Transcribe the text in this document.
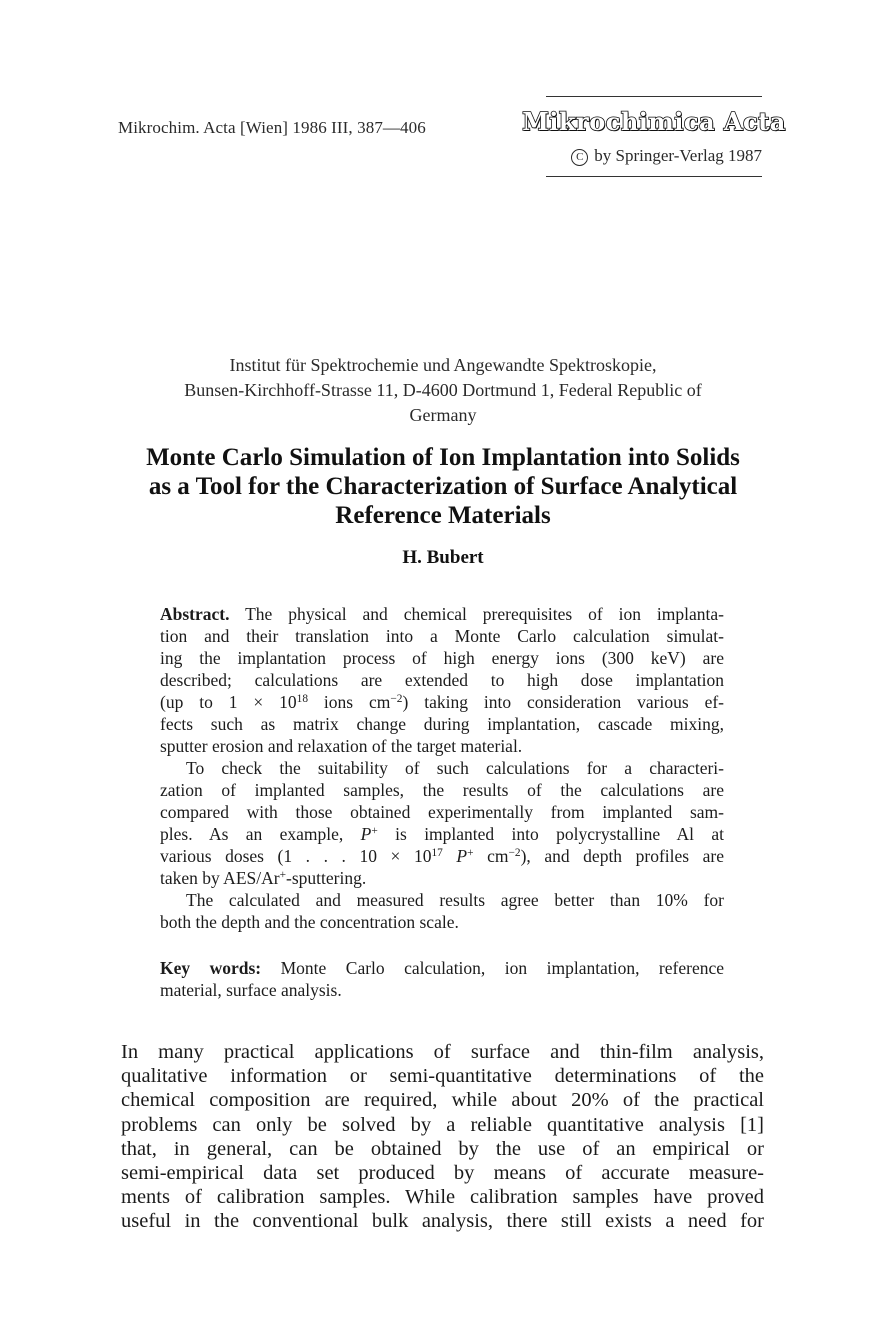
Mikrochim. Acta [Wien] 1986 III, 387—406	Mikrochimica Acta
C by Springer-Verlag 1987
Institut für Spektrochemie und Angewandte Spektroskopie,
Bunsen-Kirchhoff-Strasse 11, D-4600 Dortmund 1, Federal Republic of
Germany
Monte Carlo Simulation of Ion Implantation into Solids
as a Tool for the Characterization of Surface Analytical
Reference Materials
H. Bubert
Abstract. The physical and chemical prerequisites of ion implanta-
tion and their translation into a Monte Carlo calculation simulat-
ing the implantation process of high energy ions (300 keV) are
described; calculations are extended to high dose implantation
(up to $1 \times 10^{18}$ ions $cm^{-2}$) taking into consideration various ef-
fects such as matrix change during implantation, cascade mixing,
sputter erosion and relaxation of the target material.
To check the suitability of such calculations for a characteri-
zation of implanted samples, the results of the calculations are
compared with those obtained experimentally from implanted sam-
ples. As an example, P+ is implanted into polycrystalline Al at
various doses (1 . . . $10 \times 10^{17}$ P+ $cm^{-2}$), and depth profiles are
taken by AES/Ar+-sputtering.
The calculated and measured results agree better than 10% for
both the depth and the concentration scale.
Key words: Monte Carlo calculation, ion implantation, reference
material, surface analysis.
In many practical applications of surface and thin-film analysis,
qualitative information or semi-quantitative determinations of the
chemical composition are required, while about 20% of the practical
problems can only be solved by a reliable quantitative analysis [1]
that, in general, can be obtained by the use of an empirical or
semi-empirical data set produced by means of accurate measure-
ments of calibration samples. While calibration samples have proved
useful in the conventional bulk analysis, there still exists a need for
